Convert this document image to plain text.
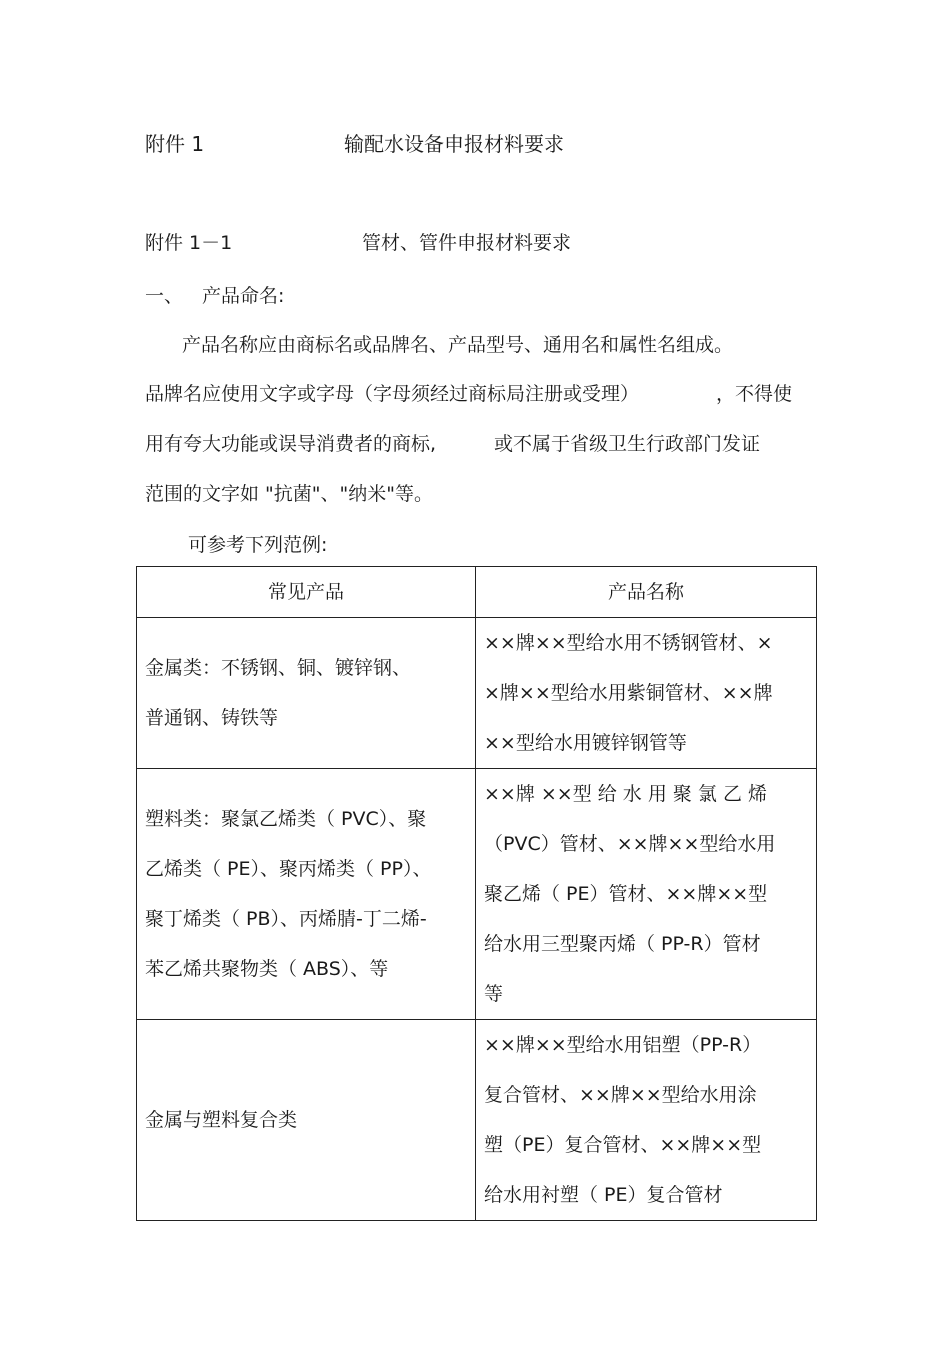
附件 1	输配水设备申报材料要求
附件 1－1	管材、管件申报材料要求
一、 产品命名:
产品名称应由商标名或品牌名、产品型号、通用名和属性名组成。
品牌名应使用文字或字母（字母须经过商标局注册或受理）	，不得使
用有夸大功能或误导消费者的商标,	或不属于省级卫生行政部门发证
范围的文字如 "抗菌"、"纳米"等。
可参考下列范例:
常见产品	产品名称

金属类：不锈钢、铜、镀锌钢、
普通钢、铸铁等	××牌××型给水用不锈钢管材、×
×牌××型给水用紫铜管材、××牌
××型给水用镀锌钢管等

塑料类：聚氯乙烯类（ PVC）、聚
乙烯类（ PE）、聚丙烯类（ PP）、
聚丁烯类（ PB）、丙烯腈-丁二烯-
苯乙烯共聚物类（ ABS）、等	××牌 ××型 给 水 用 聚 氯 乙 烯
（PVC）管材、××牌××型给水用
聚乙烯（ PE）管材、××牌××型
给水用三型聚丙烯（ PP-R）管材
等

金属与塑料复合类	××牌××型给水用铝塑（PP-R）
复合管材、××牌××型给水用涂
塑（PE）复合管材、××牌××型
给水用衬塑（ PE）复合管材
